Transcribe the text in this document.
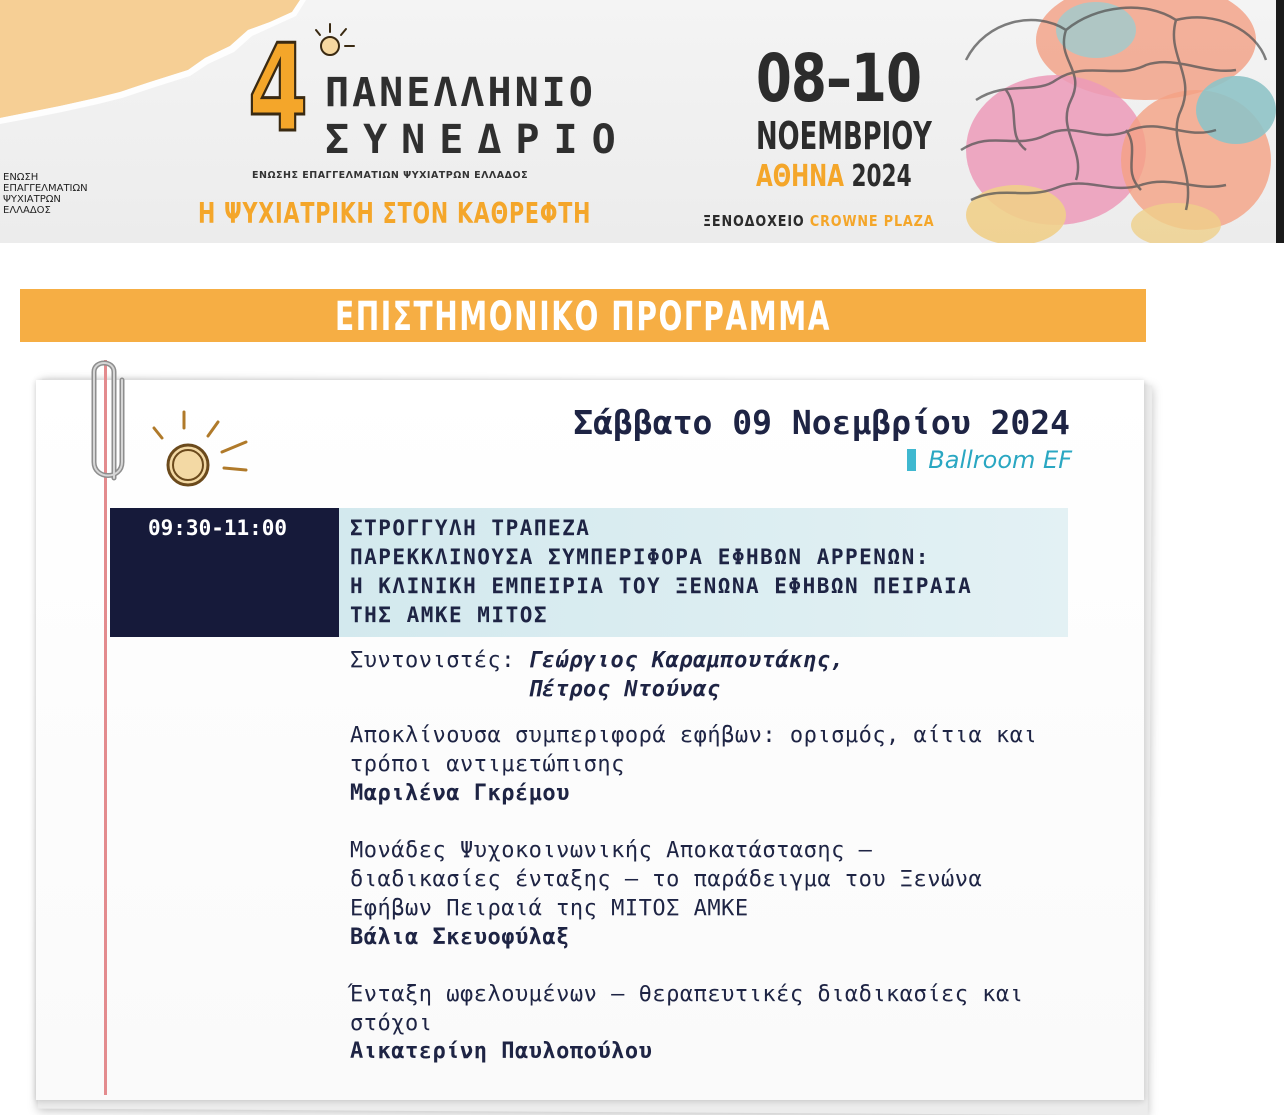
ΕΝΩΣΗ
ΕΠΑΓΓΕΛΜΑΤΙΩΝ
ΨΥΧΙΑΤΡΩΝ
ΕΛΛΑΔΟΣ
4 ΠΑΝΕΛΛΗΝΙΟ
ΣΥΝΕΔΡΙΟ
ΕΝΩΣΗΣ ΕΠΑΓΓΕΛΜΑΤΙΩΝ ΨΥΧΙΑΤΡΩΝ ΕΛΛΑΔΟΣ
Η ΨΥΧΙΑΤΡΙΚΗ ΣΤΟΝ ΚΑΘΡΕΦΤΗ
08–10
ΝΟΕΜΒΡΙΟΥ
ΑΘΗΝΑ 2024
ΞΕΝΟΔΟΧΕΙΟ CROWNE PLAZA
ΕΠΙΣΤΗΜΟΝΙΚΟ ΠΡΟΓΡΑΜΜΑ
Σάββατο 09 Νοεμβρίου 2024
Ballroom EF
09:30-11:00	ΣΤΡΟΓΓΥΛΗ ΤΡΑΠΕΖΑ
ΠΑΡΕΚΚΛΙΝΟΥΣΑ ΣΥΜΠΕΡΙΦΟΡΑ ΕΦΗΒΩΝ ΑΡΡΕΝΩΝ:
Η ΚΛΙΝΙΚΗ ΕΜΠΕΙΡΙΑ ΤΟΥ ΞΕΝΩΝΑ ΕΦΗΒΩΝ ΠΕΙΡΑΙΑ
ΤΗΣ ΑΜΚΕ ΜΙΤΟΣ
Συντονιστές: Γεώργιος Καραμπουτάκης,
Πέτρος Ντούνας
Αποκλίνουσα συμπεριφορά εφήβων: ορισμός, αίτια και
τρόποι αντιμετώπισης
Μαριλένα Γκρέμου
Μονάδες Ψυχοκοινωνικής Αποκατάστασης –
διαδικασίες ένταξης – το παράδειγμα του Ξενώνα
Εφήβων Πειραιά της ΜΙΤΟΣ ΑΜΚΕ
Βάλια Σκευοφύλαξ
Ένταξη ωφελουμένων – θεραπευτικές διαδικασίες και
στόχοι
Αικατερίνη Παυλοπούλου
